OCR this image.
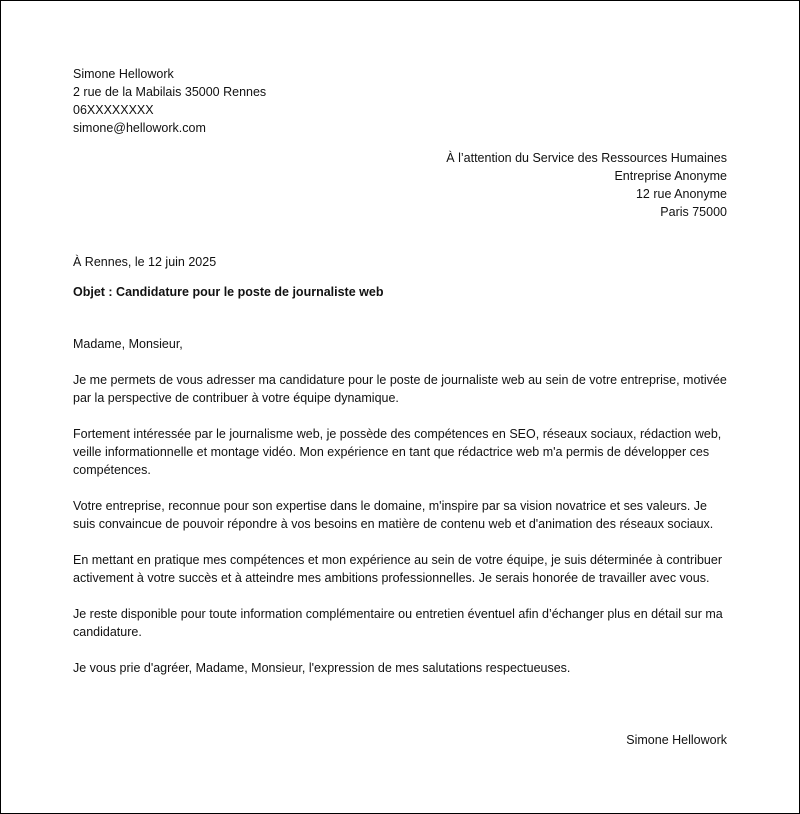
Simone Hellowork
2 rue de la Mabilais 35000 Rennes
06XXXXXXXX
simone@hellowork.com
À l’attention du Service des Ressources Humaines
Entreprise Anonyme
12 rue Anonyme
Paris 75000
À Rennes, le 12 juin 2025
Objet : Candidature pour le poste de journaliste web

Madame, Monsieur,

Je me permets de vous adresser ma candidature pour le poste de journaliste web au sein de votre entreprise, motivée par la perspective de contribuer à votre équipe dynamique.

Fortement intéressée par le journalisme web, je possède des compétences en SEO, réseaux sociaux, rédaction web, veille informationnelle et montage vidéo. Mon expérience en tant que rédactrice web m'a permis de développer ces compétences.

Votre entreprise, reconnue pour son expertise dans le domaine, m'inspire par sa vision novatrice et ses valeurs. Je suis convaincue de pouvoir répondre à vos besoins en matière de contenu web et d'animation des réseaux sociaux.

En mettant en pratique mes compétences et mon expérience au sein de votre équipe, je suis déterminée à contribuer activement à votre succès et à atteindre mes ambitions professionnelles. Je serais honorée de travailler avec vous.

Je reste disponible pour toute information complémentaire ou entretien éventuel afin d’échanger plus en détail sur ma candidature.

Je vous prie d'agréer, Madame, Monsieur, l'expression de mes salutations respectueuses.

Simone Hellowork
